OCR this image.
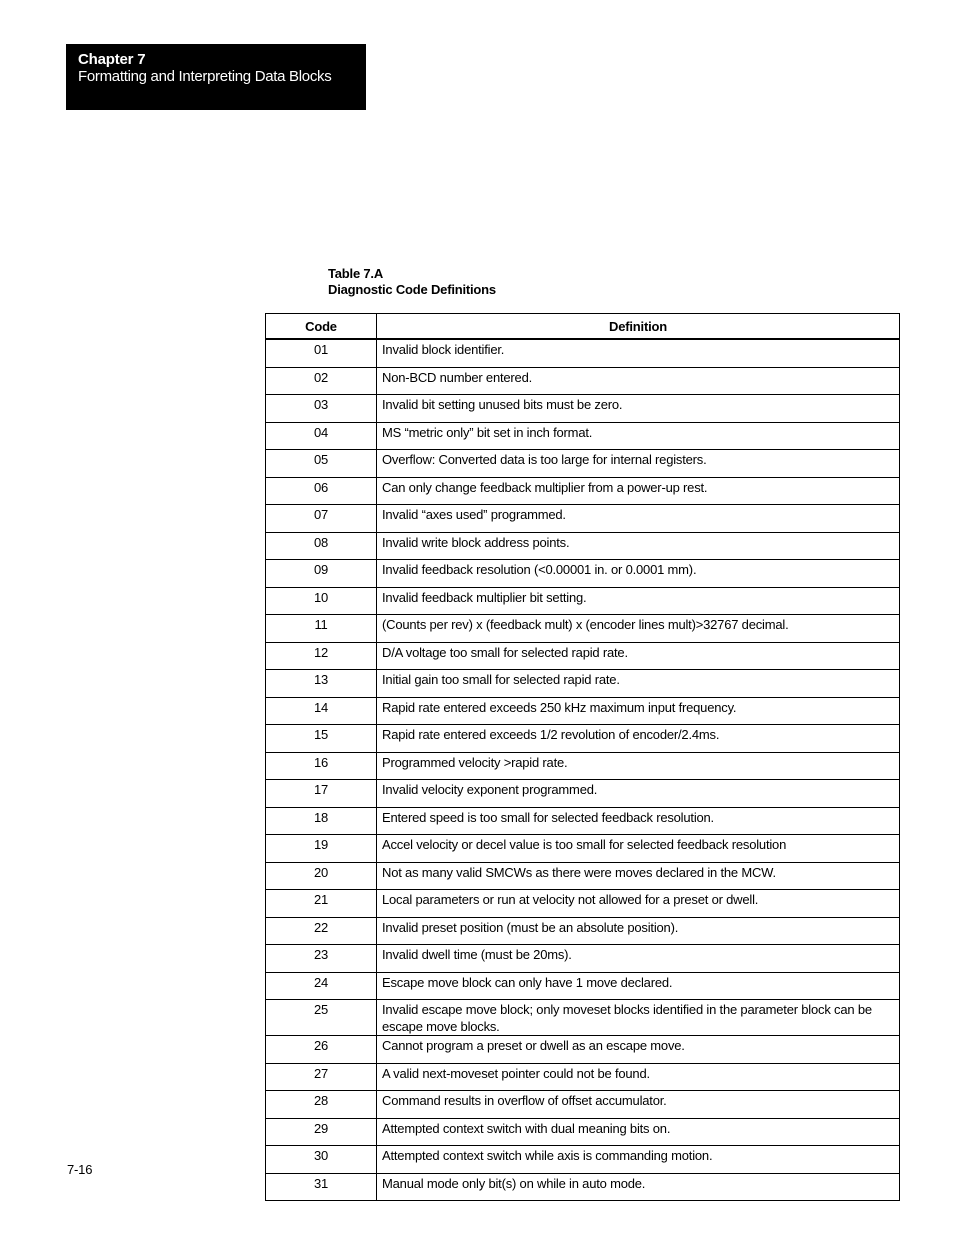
Chapter 7
Formatting and Interpreting Data Blocks
Table 7.A
Diagnostic Code Definitions
Code	Definition
01	Invalid block identifier.
02	Non-BCD number entered.
03	Invalid bit setting unused bits must be zero.
04	MS “metric only” bit set in inch format.
05	Overflow: Converted data is too large for internal registers.
06	Can only change feedback multiplier from a power-up rest.
07	Invalid “axes used” programmed.
08	Invalid write block address points.
09	Invalid feedback resolution (<0.00001 in. or 0.0001 mm).
10	Invalid feedback multiplier bit setting.
11	(Counts per rev) x (feedback mult) x (encoder lines mult)>32767 decimal.
12	D/A voltage too small for selected rapid rate.
13	Initial gain too small for selected rapid rate.
14	Rapid rate entered exceeds 250 kHz maximum input frequency.
15	Rapid rate entered exceeds 1/2 revolution of encoder/2.4ms.
16	Programmed velocity >rapid rate.
17	Invalid velocity exponent programmed.
18	Entered speed is too small for selected feedback resolution.
19	Accel velocity or decel value is too small for selected feedback resolution
20	Not as many valid SMCWs as there were moves declared in the MCW.
21	Local parameters or run at velocity not allowed for a preset or dwell.
22	Invalid preset position (must be an absolute position).
23	Invalid dwell time (must be 20ms).
24	Escape move block can only have 1 move declared.
25	Invalid escape move block; only moveset blocks identified in the parameter block can be escape move blocks.
26	Cannot program a preset or dwell as an escape move.
27	A valid next-moveset pointer could not be found.
28	Command results in overflow of offset accumulator.
29	Attempted context switch with dual meaning bits on.
30	Attempted context switch while axis is commanding motion.
31	Manual mode only bit(s) on while in auto mode.
7-16
